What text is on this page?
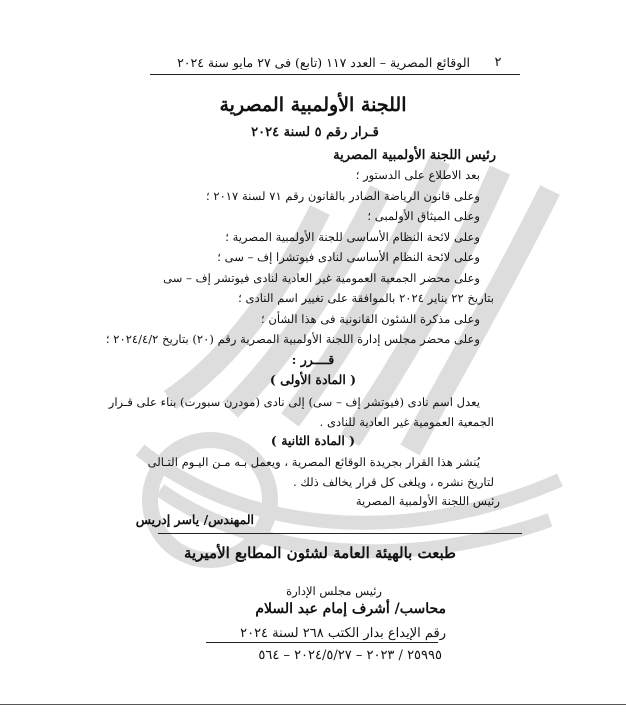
٢
الوقائع المصرية – العدد ١١٧ (تابع) فى ٢٧ مايو سنة ٢٠٢٤
اللجنة الأولمبية المصرية
قـرار رقم ٥ لسنة ٢٠٢٤
رئيس اللجنة الأولمبية المصرية
بعد الاطلاع على الدستور ؛
وعلى قانون الرياضة الصادر بالقانون رقم ٧١ لسنة ٢٠١٧ ؛
وعلى الميثاق الأولمبى ؛
وعلى لائحة النظام الأساسى للجنة الأولمبية المصرية ؛
وعلى لائحة النظام الأساسى لنادى فيوتشرا إف – سى ؛
وعلى محضر الجمعية العمومية غير العادية لنادى فيوتشر إف – سى
بتاريخ ٢٢ يناير ٢٠٢٤ بالموافقة على تغيير اسم النادى ؛
وعلى مذكرة الشئون القانونية فى هذا الشأن ؛
وعلى محضر مجلس إدارة اللجنة الأولمبية المصرية رقم (٢٠) بتاريخ ٢٠٢٤/٤/٢ ؛
قــــرر :
( المادة الأولى )
يعدل اسم نادى (فيوتشر إف – سى) إلى نادى (مودرن سبورت) بناء على قـرار
الجمعية العمومية غير العادية للنادى .
( المادة الثانية )
يُنشر هذا القرار بجريدة الوقائع المصرية ، ويعمل بـه مـن اليـوم التـالى
لتاريخ نشره ، ويلغى كل قرار يخالف ذلك .
رئيس اللجنة الأولمبية المصرية
المهندس/ ياسر إدريس
طبعت بالهيئة العامة لشئون المطابع الأميرية
رئيس مجلس الإدارة
محاسب/ أشرف إمام عبد السلام
رقم الإيداع بدار الكتب ٢٦٨ لسنة ٢٠٢٤
٢٥٩٩٥ / ٢٠٢٣ – ٢٠٢٤/٥/٢٧ – ٥٦٤
